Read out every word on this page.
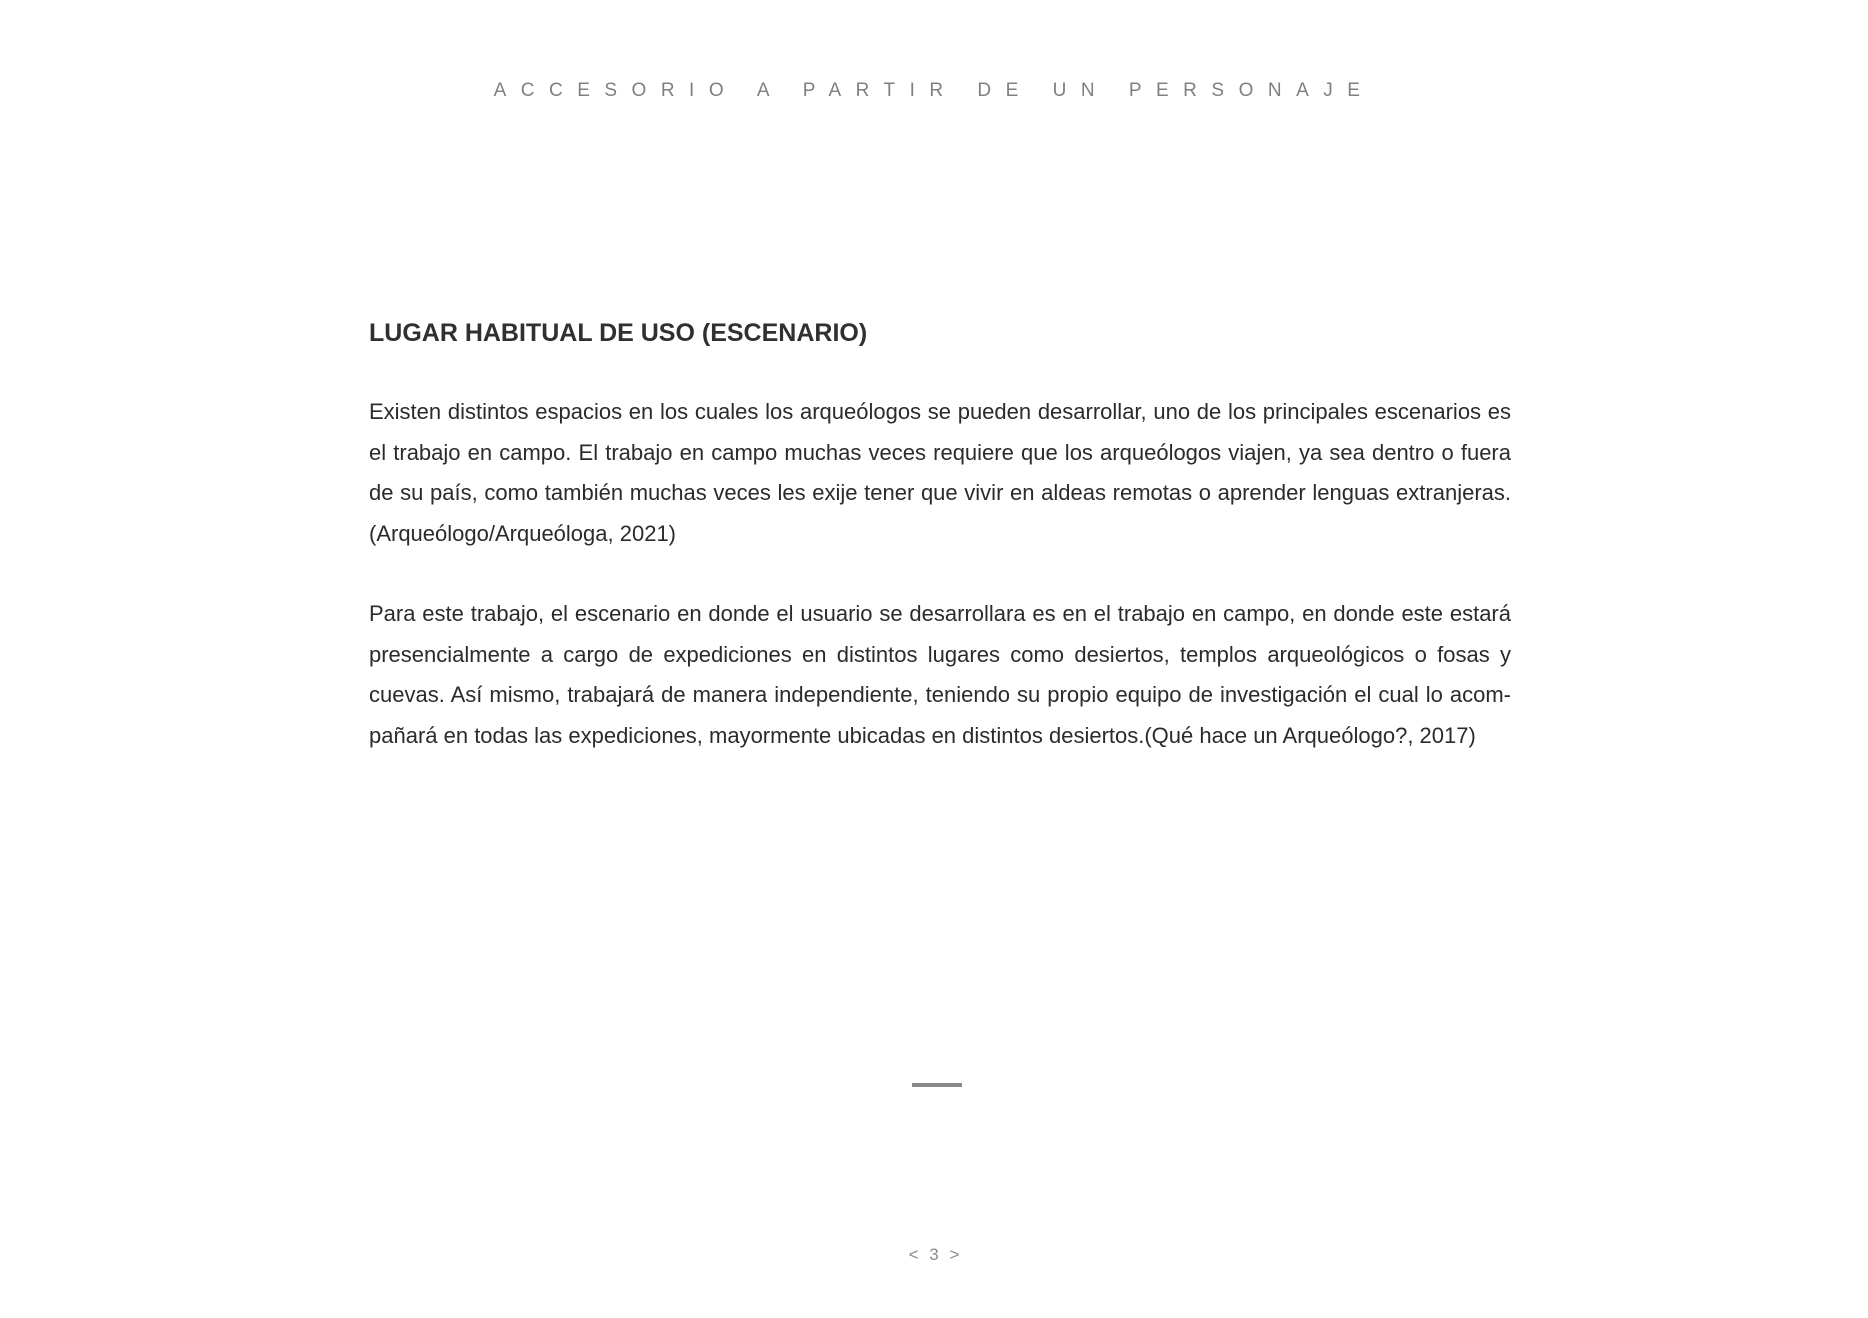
ACCESORIO A PARTIR DE UN PERSONAJE
LUGAR HABITUAL DE USO (ESCENARIO)

Existen distintos espacios en los cuales los arqueólogos se pueden desarrollar, uno de los principales escenarios es el trabajo en campo. El trabajo en campo muchas veces requiere que los arqueólogos viajen, ya sea dentro o fuera de su país, como también muchas veces les exije tener que vivir en aldeas remotas o aprender lenguas extranjeras. (Arqueólogo/Arqueóloga, 2021)

Para este trabajo, el escenario en donde el usuario se desarrollara es en el trabajo en campo, en donde este estará presencialmente a cargo de expediciones en distintos lugares como desiertos, templos arqueológicos o fosas y cuevas. Así mismo, trabajará de manera independiente, teniendo su propio equipo de investigación el cual lo acompañará en todas las expediciones, mayormente ubicadas en distintos desiertos.(Qué hace un Arqueólogo?, 2017)

< 3 >
